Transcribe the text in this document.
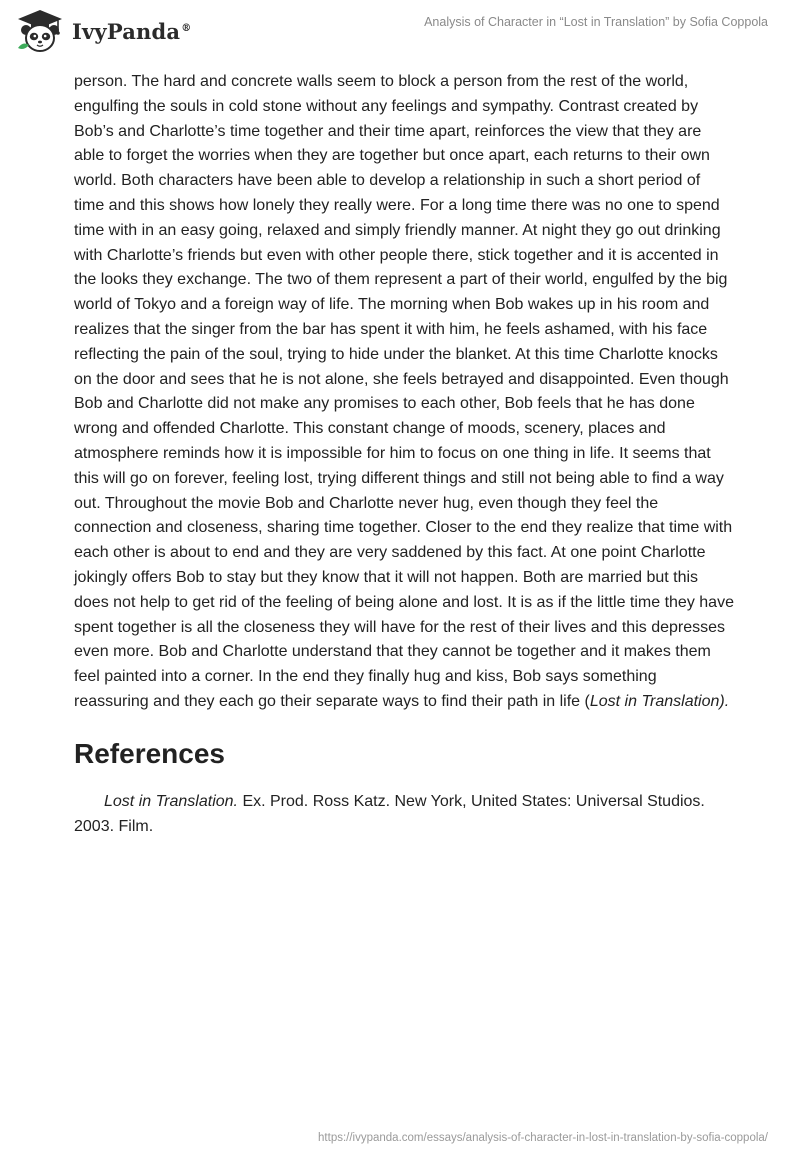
IvyPanda®	Analysis of Character in “Lost in Translation” by Sofia Coppola

person. The hard and concrete walls seem to block a person from the rest of the world, engulfing the souls in cold stone without any feelings and sympathy. Contrast created by Bob’s and Charlotte’s time together and their time apart, reinforces the view that they are able to forget the worries when they are together but once apart, each returns to their own world. Both characters have been able to develop a relationship in such a short period of time and this shows how lonely they really were. For a long time there was no one to spend time with in an easy going, relaxed and simply friendly manner. At night they go out drinking with Charlotte’s friends but even with other people there, stick together and it is accented in the looks they exchange. The two of them represent a part of their world, engulfed by the big world of Tokyo and a foreign way of life. The morning when Bob wakes up in his room and realizes that the singer from the bar has spent it with him, he feels ashamed, with his face reflecting the pain of the soul, trying to hide under the blanket. At this time Charlotte knocks on the door and sees that he is not alone, she feels betrayed and disappointed. Even though Bob and Charlotte did not make any promises to each other, Bob feels that he has done wrong and offended Charlotte. This constant change of moods, scenery, places and atmosphere reminds how it is impossible for him to focus on one thing in life. It seems that this will go on forever, feeling lost, trying different things and still not being able to find a way out. Throughout the movie Bob and Charlotte never hug, even though they feel the connection and closeness, sharing time together. Closer to the end they realize that time with each other is about to end and they are very saddened by this fact. At one point Charlotte jokingly offers Bob to stay but they know that it will not happen. Both are married but this does not help to get rid of the feeling of being alone and lost. It is as if the little time they have spent together is all the closeness they will have for the rest of their lives and this depresses even more. Bob and Charlotte understand that they cannot be together and it makes them feel painted into a corner. In the end they finally hug and kiss, Bob says something reassuring and they each go their separate ways to find their path in life (Lost in Translation).

References

Lost in Translation. Ex. Prod. Ross Katz. New York, United States: Universal Studios. 2003. Film.

https://ivypanda.com/essays/analysis-of-character-in-lost-in-translation-by-sofia-coppola/
